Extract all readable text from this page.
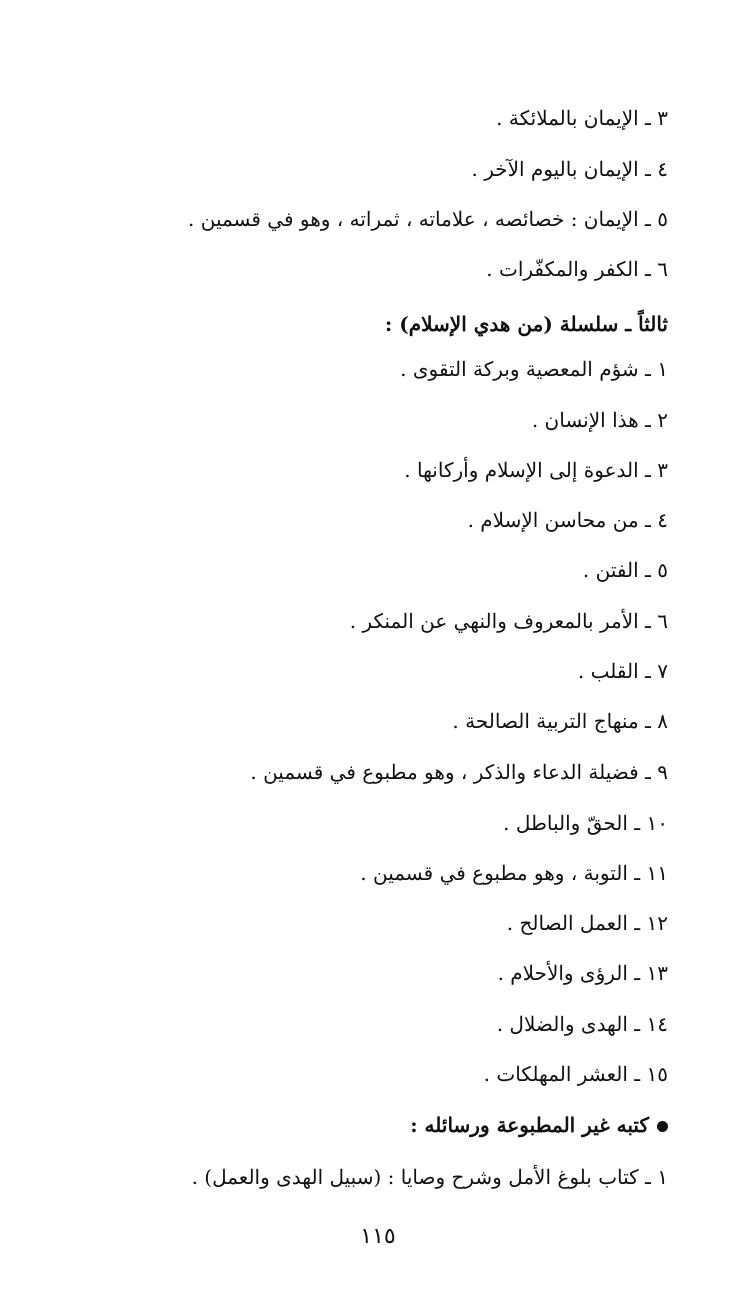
٣ ـ الإيمان بالملائكة .
٤ ـ الإيمان باليوم الآخر .
٥ ـ الإيمان : خصائصه ، علاماته ، ثمراته ، وهو في قسمين .
٦ ـ الكفر والمكفّرات .
ثالثاً ـ سلسلة (من هدي الإسلام) :
١ ـ شؤم المعصية وبركة التقوى .
٢ ـ هذا الإنسان .
٣ ـ الدعوة إلى الإسلام وأركانها .
٤ ـ من محاسن الإسلام .
٥ ـ الفتن .
٦ ـ الأمر بالمعروف والنهي عن المنكر .
٧ ـ القلب .
٨ ـ منهاج التربية الصالحة .
٩ ـ فضيلة الدعاء والذكر ، وهو مطبوع في قسمين .
١٠ ـ الحقّ والباطل .
١١ ـ التوبة ، وهو مطبوع في قسمين .
١٢ ـ العمل الصالح .
١٣ ـ الرؤى والأحلام .
١٤ ـ الهدى والضلال .
١٥ ـ العشر المهلكات .
كتبه غير المطبوعة ورسائله :
١ ـ كتاب بلوغ الأمل وشرح وصايا : (سبيل الهدى والعمل) .
١١٥
